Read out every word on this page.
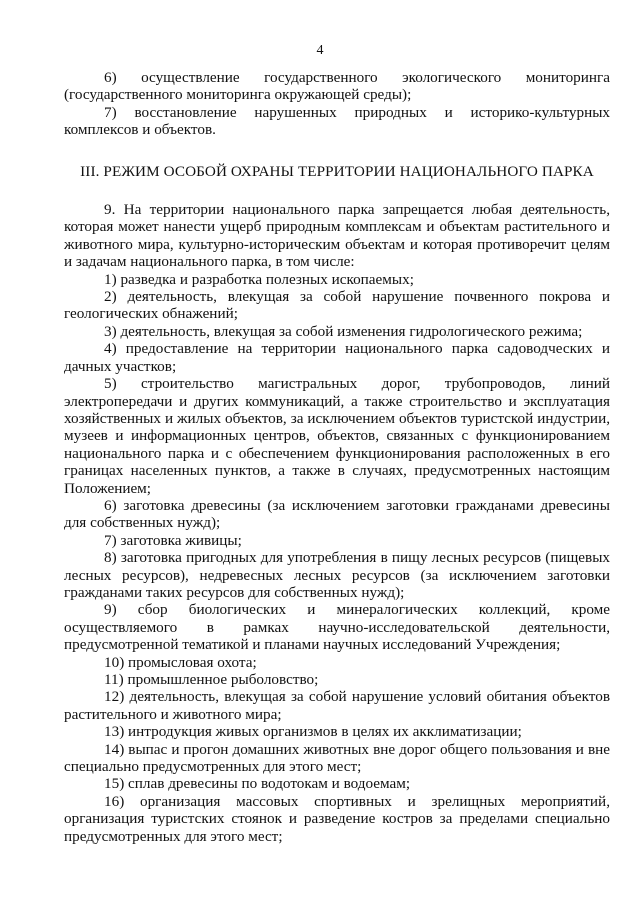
4

6)    осуществление    государственного    экологического    мониторинга (государственного мониторинга окружающей среды);

7) восстановление нарушенных природных и историко-культурных комплексов и объектов.

III. РЕЖИМ ОСОБОЙ ОХРАНЫ ТЕРРИТОРИИ НАЦИОНАЛЬНОГО ПАРКА

9. На территории национального парка запрещается любая деятельность, которая может нанести ущерб природным комплексам и объектам растительного и животного мира, культурно-историческим объектам и которая противоречит целям и задачам национального парка, в том числе:

1) разведка и разработка полезных ископаемых;

2) деятельность, влекущая за собой нарушение почвенного покрова и геологических обнажений;

3) деятельность, влекущая за собой изменения гидрологического режима;

4) предоставление на территории национального парка садоводческих и дачных участков;

5) строительство магистральных дорог, трубопроводов, линий электропередачи и других коммуникаций, а также строительство и эксплуатация хозяйственных и жилых объектов, за исключением объектов туристской индустрии, музеев и информационных центров, объектов, связанных с функционированием национального парка и с обеспечением функционирования расположенных в его границах населенных пунктов, а также в случаях, предусмотренных настоящим Положением;

6) заготовка древесины (за исключением заготовки гражданами древесины для собственных нужд);

7) заготовка живицы;

8) заготовка пригодных для употребления в пищу лесных ресурсов (пищевых лесных ресурсов), недревесных лесных ресурсов (за исключением заготовки гражданами таких ресурсов для собственных нужд);

9) сбор биологических и минералогических коллекций, кроме осуществляемого в рамках научно-исследовательской деятельности, предусмотренной тематикой и планами научных исследований Учреждения;

10) промысловая охота;

11) промышленное рыболовство;

12) деятельность, влекущая за собой нарушение условий обитания объектов растительного и животного мира;

13) интродукция живых организмов в целях их акклиматизации;

14) выпас и прогон домашних животных вне дорог общего пользования и вне специально предусмотренных для этого мест;

15) сплав древесины по водотокам и водоемам;

16) организация массовых спортивных и зрелищных мероприятий, организация туристских стоянок и разведение костров за пределами специально предусмотренных для этого мест;
